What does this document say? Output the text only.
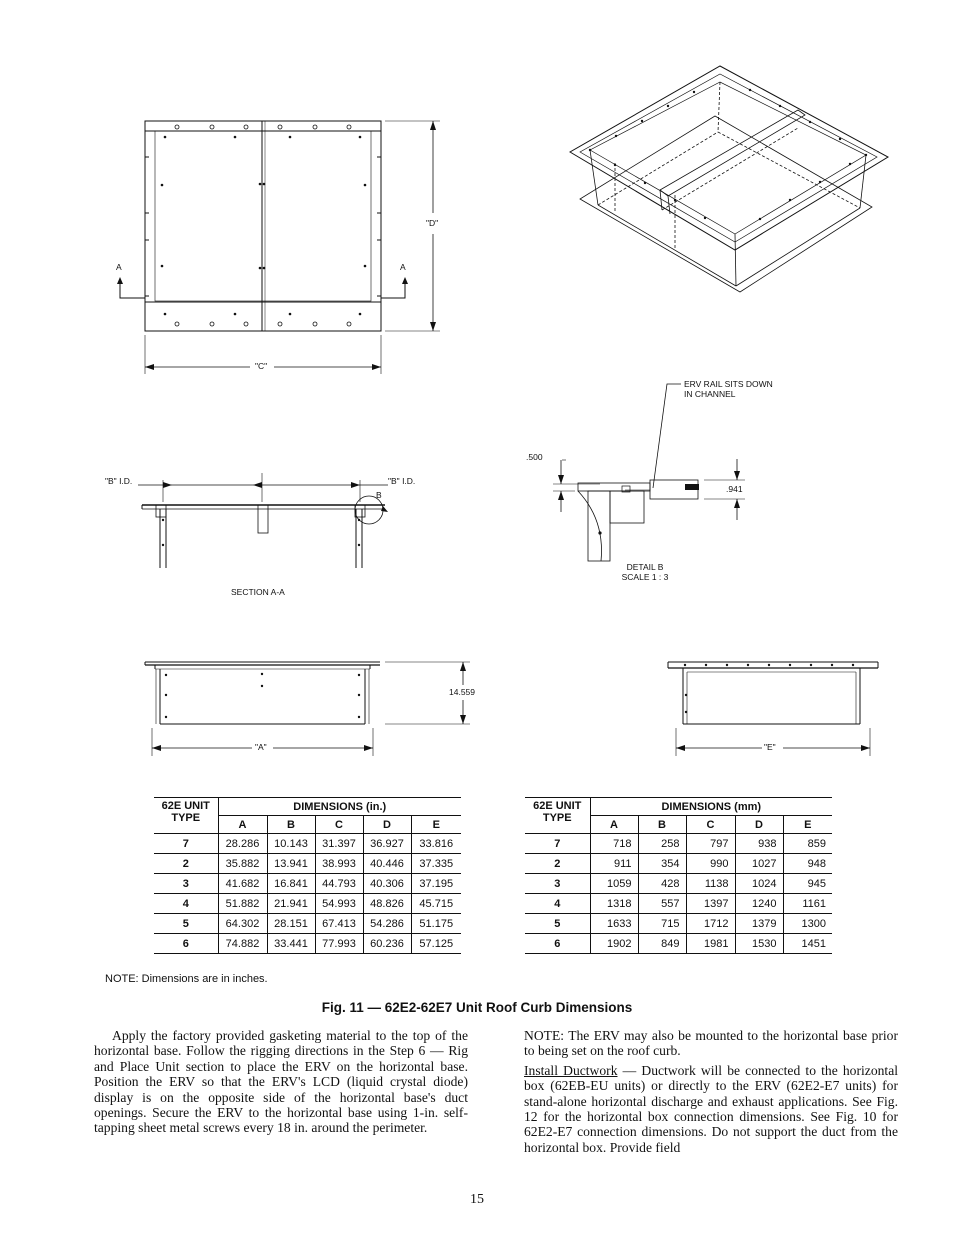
"C"
"D"
A	A
"B" I.D.	"B" I.D.
B
SECTION A-A
.500
.941
ERV RAIL SITS DOWN
IN CHANNEL
DETAIL B
SCALE 1 : 3
14.559
"A"	"E"
62E UNIT
TYPE	DIMENSIONS (in.)				
	A	B	C	D	E
7	28.286	10.143	31.397	36.927	33.816
2	35.882	13.941	38.993	40.446	37.335
3	41.682	16.841	44.793	40.306	37.195
4	51.882	21.941	54.993	48.826	45.715
5	64.302	28.151	67.413	54.286	51.175
6	74.882	33.441	77.993	60.236	57.125
62E UNIT
TYPE	DIMENSIONS (mm)				
	A	B	C	D	E
7	718	258	797	938	859
2	911	354	990	1027	948
3	1059	428	1138	1024	945
4	1318	557	1397	1240	1161
5	1633	715	1712	1379	1300
6	1902	849	1981	1530	1451
NOTE: Dimensions are in inches.
Fig. 11 — 62E2-62E7 Unit Roof Curb Dimensions
Apply the factory provided gasketing material to the top of the horizontal base. Follow the rigging directions in the Step 6 — Rig and Place Unit section to place the ERV on the horizontal base. Position the ERV so that the ERV's LCD (liquid crystal diode) display is on the opposite side of the horizontal base's duct openings. Secure the ERV to the horizontal base using 1-in. self-tapping sheet metal screws every 18 in. around the perimeter.

NOTE: The ERV may also be mounted to the horizontal base prior to being set on the roof curb.

Install Ductwork — Ductwork will be connected to the horizontal box (62EB-EU units) or directly to the ERV (62E2-E7 units) for stand-alone horizontal discharge and exhaust applications. See Fig. 12 for the horizontal box connection dimensions. See Fig. 10 for 62E2-E7 connection dimensions. Do not support the duct from the horizontal box. Provide field

15
